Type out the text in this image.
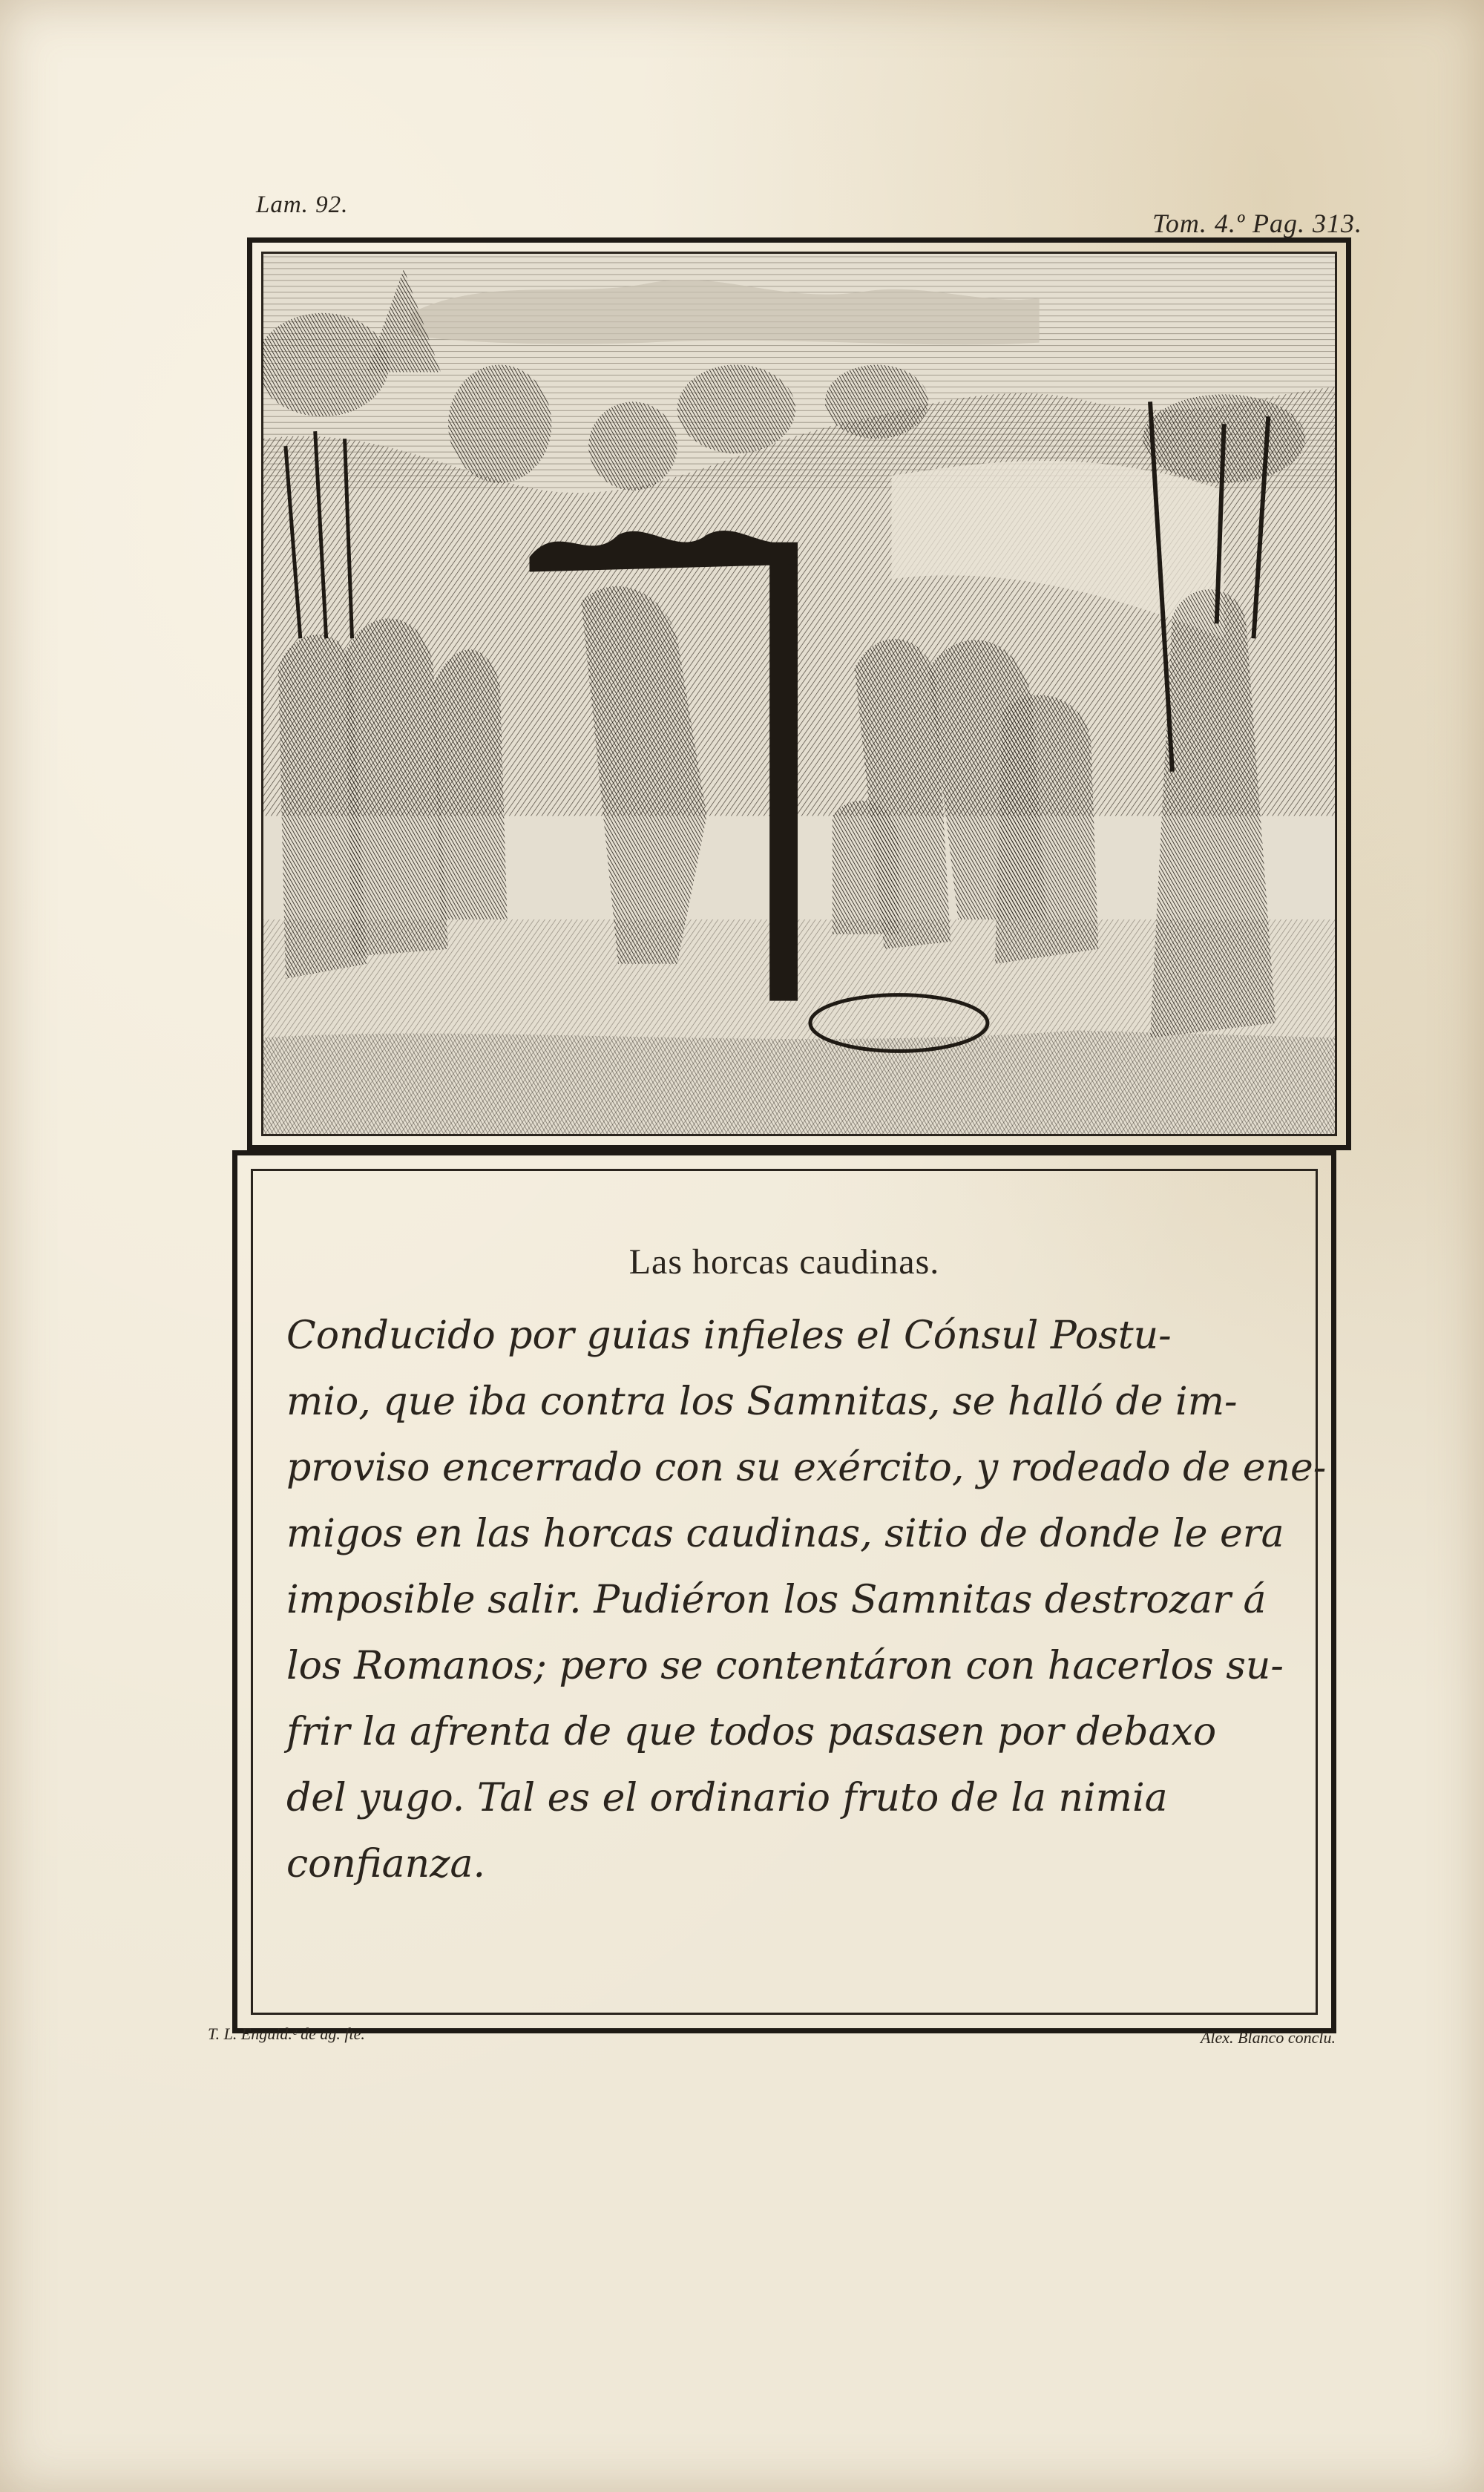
Lam. 92.
Tom. 4.º Pag. 313.
Las horcas caudinas.

Conducido por guias infieles el Cónsul Postu-
mio, que iba contra los Samnitas, se halló de im-
proviso encerrado con su exército, y rodeado de ene-
migos en las horcas caudinas, sitio de donde le era
imposible salir. Pudiéron los Samnitas destrozar á
los Romanos; pero se contentáron con hacerlos su-
frir la afrenta de que todos pasasen por debaxo
del yugo. Tal es el ordinario fruto de la nimia
confianza.

T. L. Enguid.ᵉ de ag. fte.	Alex. Blanco conclu.
